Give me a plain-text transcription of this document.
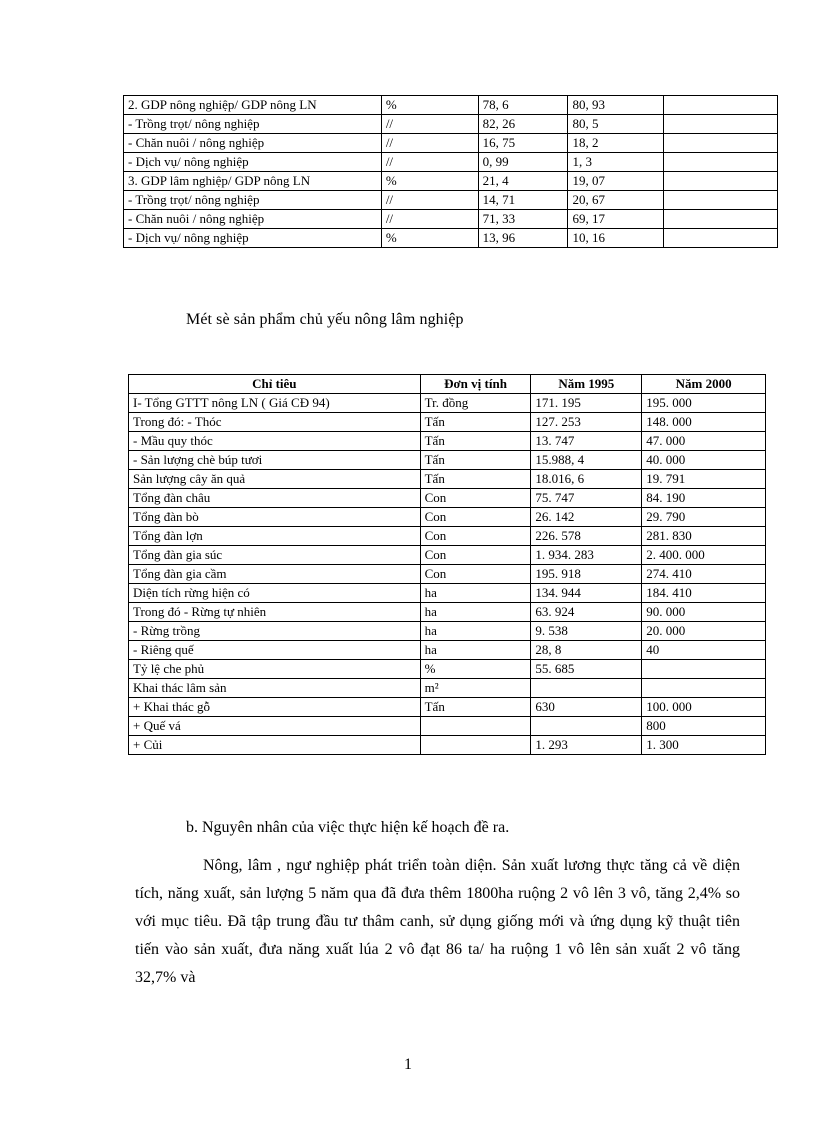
2. GDP nông nghiệp/ GDP nông LN	%	78, 6	80, 93	
- Trồng trọt/ nông nghiệp	//	82, 26	80, 5	
- Chăn nuôi / nông nghiệp	//	16, 75	18, 2	
- Dịch vụ/ nông nghiệp	//	0, 99	1, 3	
3. GDP lâm nghiệp/ GDP nông LN	%	21, 4	19, 07	
- Trồng trọt/ nông nghiệp	//	14, 71	20, 67	
- Chăn nuôi / nông nghiệp	//	71, 33	69, 17	
- Dịch vụ/ nông nghiệp	%	13, 96	10, 16	
Mét sè sản phẩm chủ yếu nông lâm nghiệp
Chỉ tiêu	Đơn vị tính	Năm 1995	Năm 2000
I- Tổng GTTT nông LN ( Giá CĐ 94)	Tr. đồng	171. 195	195. 000
Trong đó: - Thóc	Tấn	127. 253	148. 000
- Mầu quy thóc	Tấn	13. 747	47. 000
- Sản lượng chè búp tươi	Tấn	15.988, 4	40. 000
Sản lượng cây ăn quả	Tấn	18.016, 6	19. 791
Tổng đàn châu	Con	75. 747	84. 190
Tổng đàn bò	Con	26. 142	29. 790
Tổng đàn lợn	Con	226. 578	281. 830
Tổng đàn gia súc	Con	1. 934. 283	2. 400. 000
Tổng đàn gia cầm	Con	195. 918	274. 410
Diện tích rừng hiện có	ha	134. 944	184. 410
Trong đó - Rừng tự nhiên	ha	63. 924	90. 000
- Rừng trồng	ha	9. 538	20. 000
- Riêng quế	ha	28, 8	40
Tỷ lệ che phủ	%	55. 685	
Khai thác lâm sản	m²		
+ Khai thác gỗ	Tấn	630	100. 000
+ Quế vá			800
+ Củi		1. 293	1. 300
b. Nguyên nhân của việc thực hiện kế hoạch đề ra.
Nông, lâm , ngư nghiệp phát triển toàn diện. Sản xuất lương thực tăng cả về diện tích, năng xuất, sản lượng 5 năm qua đã đưa thêm 1800ha ruộng 2 vô lên 3 vô, tăng 2,4% so với mục tiêu. Đã tập trung đầu tư thâm canh, sử dụng giống mới và ứng dụng kỹ thuật tiên tiến vào sản xuất, đưa năng xuất lúa 2 vô đạt 86 ta/ ha ruộng 1 vô lên sản xuất 2 vô tăng 32,7% và
1
